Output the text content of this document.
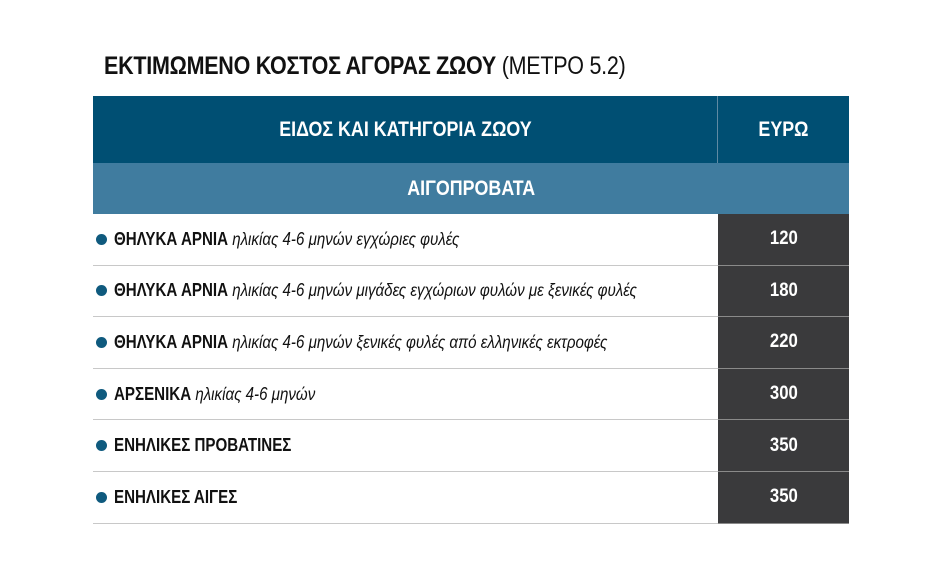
ΕΚΤΙΜΩΜΕΝΟ ΚΟΣΤΟΣ ΑΓΟΡΑΣ ΖΩΟΥ (ΜΕΤΡΟ 5.2)
ΕΙΔΟΣ ΚΑΙ ΚΑΤΗΓΟΡΙΑ ΖΩΟΥ	ΕΥΡΩ
ΑΙΓΟΠΡΟΒΑΤΑ
ΘΗΛΥΚΑ ΑΡΝΙΑ ηλικίας 4-6 μηνών εγχώριες φυλές	120
ΘΗΛΥΚΑ ΑΡΝΙΑ ηλικίας 4-6 μηνών μιγάδες εγχώριων φυλών με ξενικές φυλές	180
ΘΗΛΥΚΑ ΑΡΝΙΑ ηλικίας 4-6 μηνών ξενικές φυλές από ελληνικές εκτροφές	220
ΑΡΣΕΝΙΚΑ ηλικίας 4-6 μηνών	300
ΕΝΗΛΙΚΕΣ ΠΡΟΒΑΤΙΝΕΣ	350
ΕΝΗΛΙΚΕΣ ΑΙΓΕΣ	350
